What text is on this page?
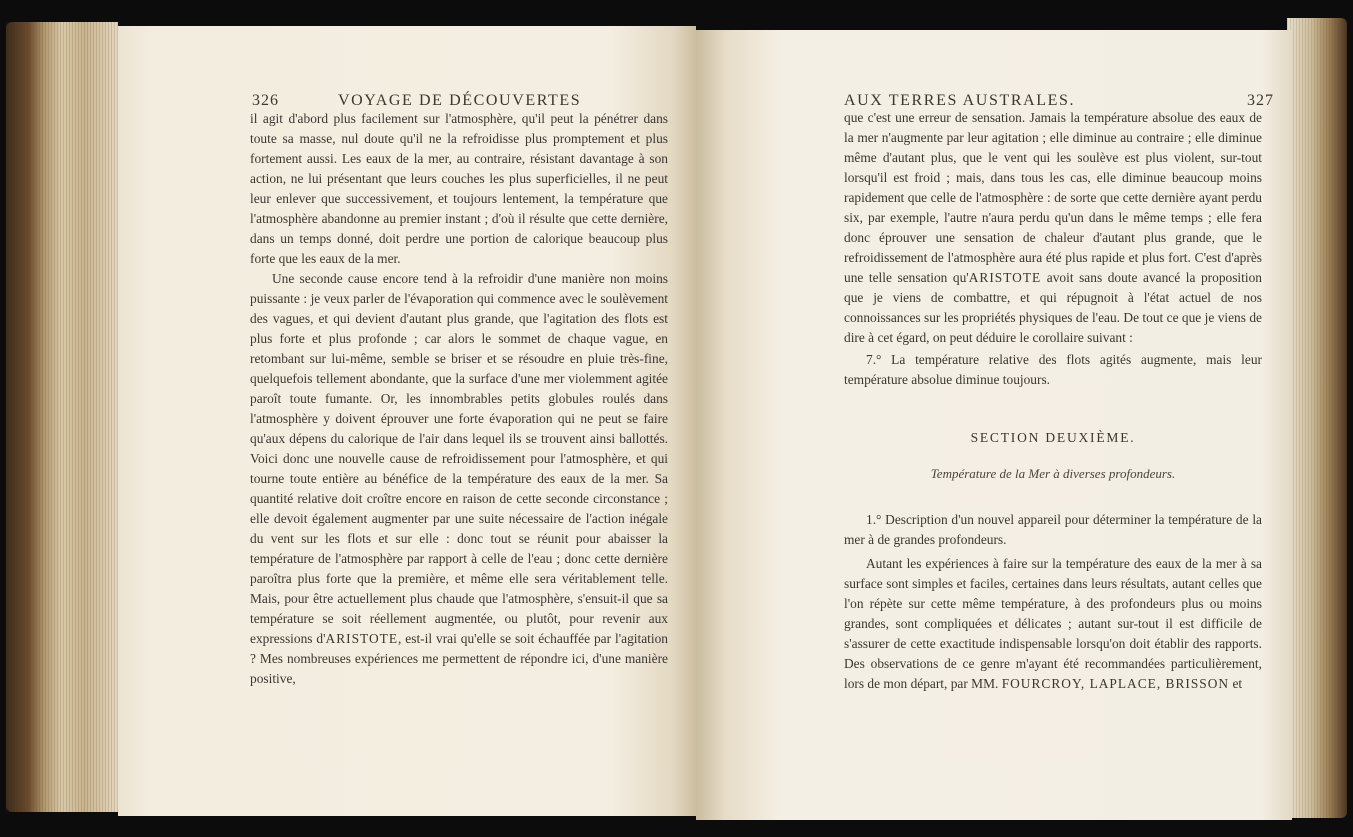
326	VOYAGE DE DÉCOUVERTES

il agit d'abord plus facilement sur l'atmosphère, qu'il peut la pénétrer dans toute sa masse, nul doute qu'il ne la refroidisse plus promptement et plus fortement aussi. Les eaux de la mer, au contraire, résistant davantage à son action, ne lui présentant que leurs couches les plus superficielles, il ne peut leur enlever que successivement, et toujours lentement, la température que l'atmosphère abandonne au premier instant ; d'où il résulte que cette dernière, dans un temps donné, doit perdre une portion de calorique beaucoup plus forte que les eaux de la mer.

Une seconde cause encore tend à la refroidir d'une manière non moins puissante : je veux parler de l'évaporation qui commence avec le soulèvement des vagues, et qui devient d'autant plus grande, que l'agitation des flots est plus forte et plus profonde ; car alors le sommet de chaque vague, en retombant sur lui-même, semble se briser et se résoudre en pluie très-fine, quelquefois tellement abondante, que la surface d'une mer violemment agitée paroît toute fumante. Or, les innombrables petits globules roulés dans l'atmosphère y doivent éprouver une forte évaporation qui ne peut se faire qu'aux dépens du calorique de l'air dans lequel ils se trouvent ainsi ballottés. Voici donc une nouvelle cause de refroidissement pour l'atmosphère, et qui tourne toute entière au bénéfice de la température des eaux de la mer. Sa quantité relative doit croître encore en raison de cette seconde circonstance ; elle devoit également augmenter par une suite nécessaire de l'action inégale du vent sur les flots et sur elle : donc tout se réunit pour abaisser la température de l'atmosphère par rapport à celle de l'eau ; donc cette dernière paroîtra plus forte que la première, et même elle sera véritablement telle. Mais, pour être actuellement plus chaude que l'atmosphère, s'ensuit-il que sa température se soit réellement augmentée, ou plutôt, pour revenir aux expressions d'ARISTOTE, est-il vrai qu'elle se soit échauffée par l'agitation ? Mes nombreuses expériences me permettent de répondre ici, d'une manière positive,

AUX TERRES AUSTRALES.	327

que c'est une erreur de sensation. Jamais la température absolue des eaux de la mer n'augmente par leur agitation ; elle diminue au contraire ; elle diminue même d'autant plus, que le vent qui les soulève est plus violent, sur-tout lorsqu'il est froid ; mais, dans tous les cas, elle diminue beaucoup moins rapidement que celle de l'atmosphère : de sorte que cette dernière ayant perdu six, par exemple, l'autre n'aura perdu qu'un dans le même temps ; elle fera donc éprouver une sensation de chaleur d'autant plus grande, que le refroidissement de l'atmosphère aura été plus rapide et plus fort. C'est d'après une telle sensation qu'ARISTOTE avoit sans doute avancé la proposition que je viens de combattre, et qui répugnoit à l'état actuel de nos connoissances sur les propriétés physiques de l'eau. De tout ce que je viens de dire à cet égard, on peut déduire le corollaire suivant :

7.° La température relative des flots agités augmente, mais leur température absolue diminue toujours.

SECTION DEUXIÈME.
Température de la Mer à diverses profondeurs.

1.° Description d'un nouvel appareil pour déterminer la température de la mer à de grandes profondeurs.

Autant les expériences à faire sur la température des eaux de la mer à sa surface sont simples et faciles, certaines dans leurs résultats, autant celles que l'on répète sur cette même température, à des profondeurs plus ou moins grandes, sont compliquées et délicates ; autant sur-tout il est difficile de s'assurer de cette exactitude indispensable lorsqu'on doit établir des rapports. Des observations de ce genre m'ayant été recommandées particulièrement, lors de mon départ, par MM. FOURCROY, LAPLACE, BRISSON et
